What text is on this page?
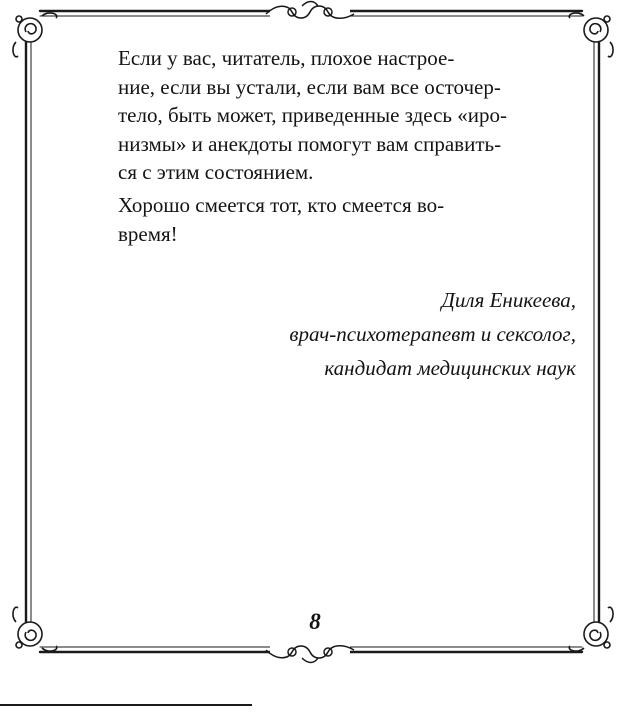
Если у вас, читатель, плохое настрое-
ние, если вы устали, если вам все осточер-
тело, быть может, приведенные здесь «иро-
низмы» и анекдоты помогут вам справить-
ся с этим состоянием.

Хорошо смеется тот, кто смеется во-
время!

Диля Еникеева,
врач-психотерапевт и сексолог,
кандидат медицинских наук
8
